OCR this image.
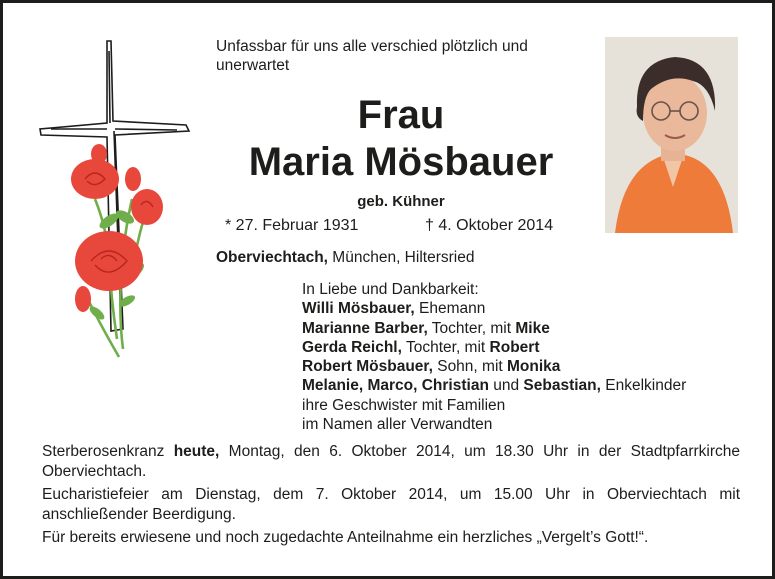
Unfassbar für uns alle verschied plötzlich und unerwartet
Frau
Maria Mösbauer
geb. Kühner
* 27. Februar 1931	† 4. Oktober 2014
Oberviechtach, München, Hiltersried
In Liebe und Dankbarkeit:
Willi Mösbauer, Ehemann
Marianne Barber, Tochter, mit Mike
Gerda Reichl, Tochter, mit Robert
Robert Mösbauer, Sohn, mit Monika
Melanie, Marco, Christian und Sebastian, Enkelkinder
ihre Geschwister mit Familien
im Namen aller Verwandten

Sterberosenkranz heute, Montag, den 6. Oktober 2014, um 18.30 Uhr in der Stadtpfarrkirche Oberviechtach.

Eucharistiefeier am Dienstag, dem 7. Oktober 2014, um 15.00 Uhr in Oberviechtach mit anschließender Beerdigung.

Für bereits erwiesene und noch zugedachte Anteilnahme ein herzliches „Vergelt’s Gott!“.
